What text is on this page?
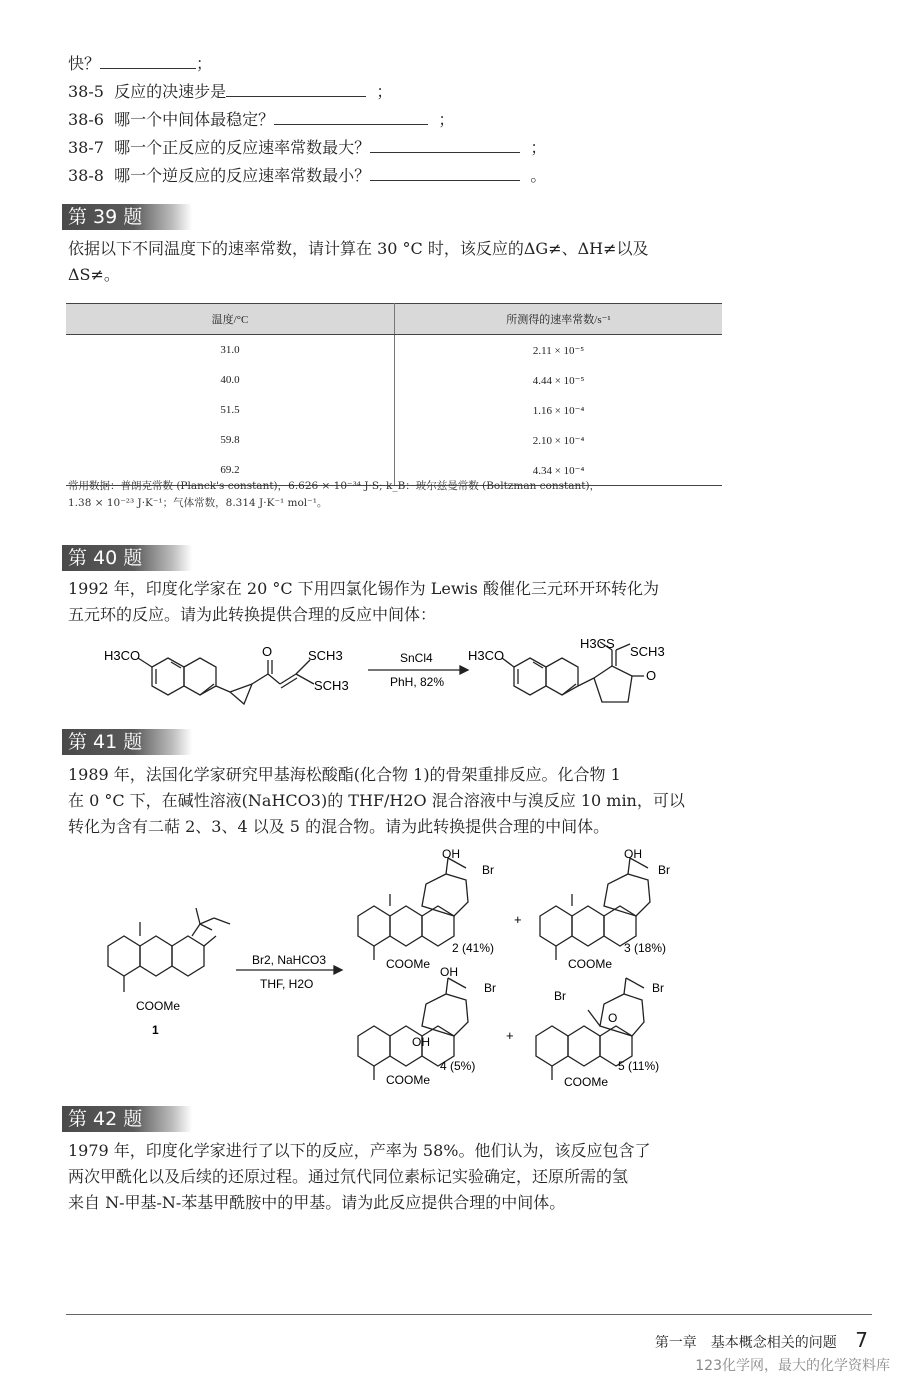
快？	；
38-5 反应的决速步是	；
38-6 哪一个中间体最稳定？	；
38-7 哪一个正反应的反应速率常数最大？	；
38-8 哪一个逆反应的反应速率常数最小？	。
第 39 题
依据以下不同温度下的速率常数，请计算在 30 °C 时，该反应的ΔG≠、ΔH≠以及
ΔS≠。
温度/°C	所测得的速率常数/s⁻¹
31.0	2.11 × 10⁻⁵
40.0	4.44 × 10⁻⁵
51.5	1.16 × 10⁻⁴
59.8	2.10 × 10⁻⁴
69.2	4.34 × 10⁻⁴
常用数据：普朗克常数 (Planck's constant)，6.626 × 10⁻³⁴ J·S; k_B：玻尔兹曼常数 (Boltzman constant)，
1.38 × 10⁻²³ J·K⁻¹；气体常数，8.314 J·K⁻¹ mol⁻¹。
第 40 题
1992 年，印度化学家在 20 °C 下用四氯化锡作为 Lewis 酸催化三元环开环转化为
五元环的反应。请为此转换提供合理的反应中间体：
H3CO	O	SCH3
SCH3
SnCl4
PhH, 82%
H3CO
H3CS
SCH3
O
第 41 题
1989 年，法国化学家研究甲基海松酸酯(化合物 1)的骨架重排反应。化合物 1
在 0 °C 下，在碱性溶液(NaHCO3)的 THF/H2O 混合溶液中与溴反应 10 min，可以
转化为含有二萜 2、3、4 以及 5 的混合物。请为此转换提供合理的中间体。
COOMe
1
Br2, NaHCO3
THF, H2O
OH
Br
COOMe
2 (41%)
+
OH
Br
COOMe
3 (18%)
OH
Br
OH
COOMe
4 (5%)
+
Br
O
Br
COOMe
5 (11%)
第 42 题
1979 年，印度化学家进行了以下的反应，产率为 58%。他们认为，该反应包含了
两次甲酰化以及后续的还原过程。通过氘代同位素标记实验确定，还原所需的氢
来自 N-甲基-N-苯基甲酰胺中的甲基。请为此反应提供合理的中间体。
第一章　基本概念相关的问题 7
123化学网，最大的化学资料库
